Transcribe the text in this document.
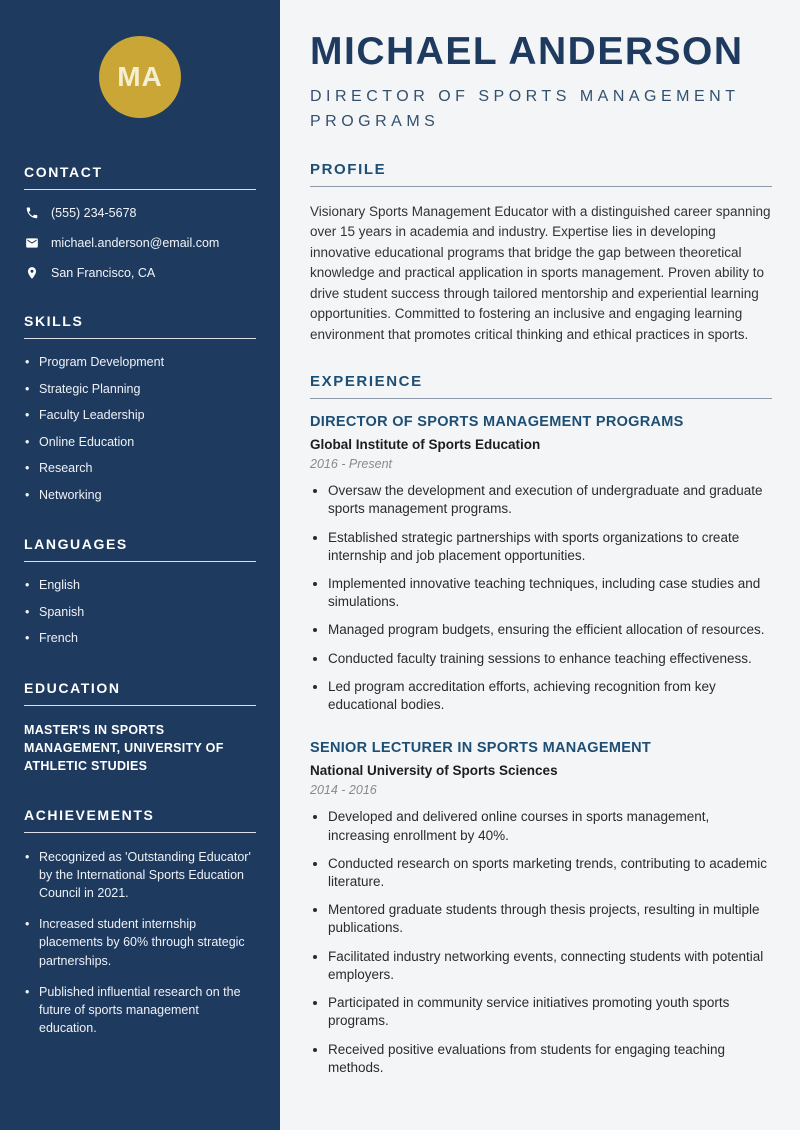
MA
CONTACT
(555) 234-5678
michael.anderson@email.com
San Francisco, CA
SKILLS
• Program Development
• Strategic Planning
• Faculty Leadership
• Online Education
• Research
• Networking
LANGUAGES
• English
• Spanish
• French
EDUCATION
MASTER'S IN SPORTS MANAGEMENT, UNIVERSITY OF ATHLETIC STUDIES
ACHIEVEMENTS
• Recognized as 'Outstanding Educator' by the International Sports Education Council in 2021.
• Increased student internship placements by 60% through strategic partnerships.
• Published influential research on the future of sports management education.
MICHAEL ANDERSON
DIRECTOR OF SPORTS MANAGEMENT PROGRAMS
PROFILE

Visionary Sports Management Educator with a distinguished career spanning over 15 years in academia and industry. Expertise lies in developing innovative educational programs that bridge the gap between theoretical knowledge and practical application in sports management. Proven ability to drive student success through tailored mentorship and experiential learning opportunities. Committed to fostering an inclusive and engaging learning environment that promotes critical thinking and ethical practices in sports.

EXPERIENCE
DIRECTOR OF SPORTS MANAGEMENT PROGRAMS
Global Institute of Sports Education
2016 - Present
• Oversaw the development and execution of undergraduate and graduate sports management programs.
• Established strategic partnerships with sports organizations to create internship and job placement opportunities.
• Implemented innovative teaching techniques, including case studies and simulations.
• Managed program budgets, ensuring the efficient allocation of resources.
• Conducted faculty training sessions to enhance teaching effectiveness.
• Led program accreditation efforts, achieving recognition from key educational bodies.
SENIOR LECTURER IN SPORTS MANAGEMENT
National University of Sports Sciences
2014 - 2016
• Developed and delivered online courses in sports management, increasing enrollment by 40%.
• Conducted research on sports marketing trends, contributing to academic literature.
• Mentored graduate students through thesis projects, resulting in multiple publications.
• Facilitated industry networking events, connecting students with potential employers.
• Participated in community service initiatives promoting youth sports programs.
• Received positive evaluations from students for engaging teaching methods.
